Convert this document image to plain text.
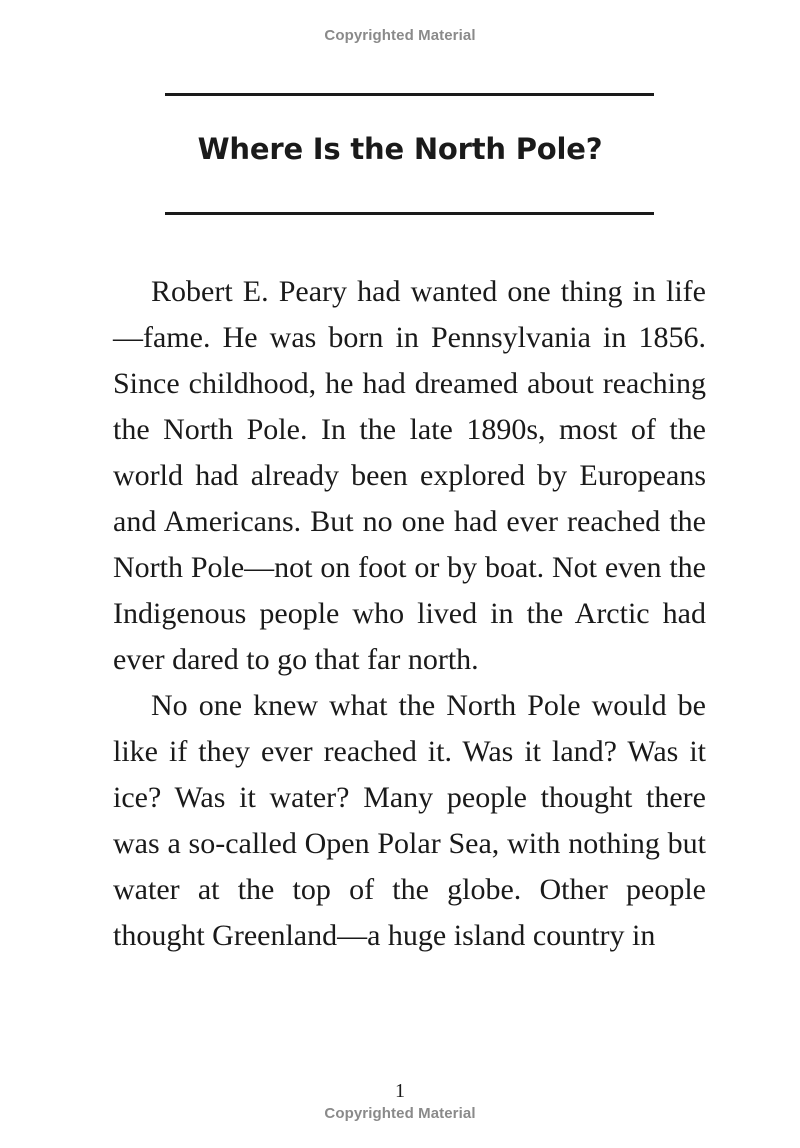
Copyrighted Material
Where Is the North Pole?

Robert E. Peary had wanted one thing in life—fame. He was born in Pennsylvania in 1856. Since childhood, he had dreamed about reaching the North Pole. In the late 1890s, most of the world had already been explored by Europeans and Americans. But no one had ever reached the North Pole—not on foot or by boat. Not even the Indigenous people who lived in the Arctic had ever dared to go that far north.

No one knew what the North Pole would be like if they ever reached it. Was it land? Was it ice? Was it water? Many people thought there was a so-called Open Polar Sea, with nothing but water at the top of the globe. Other people thought Greenland—a huge island country in

1
Copyrighted Material
